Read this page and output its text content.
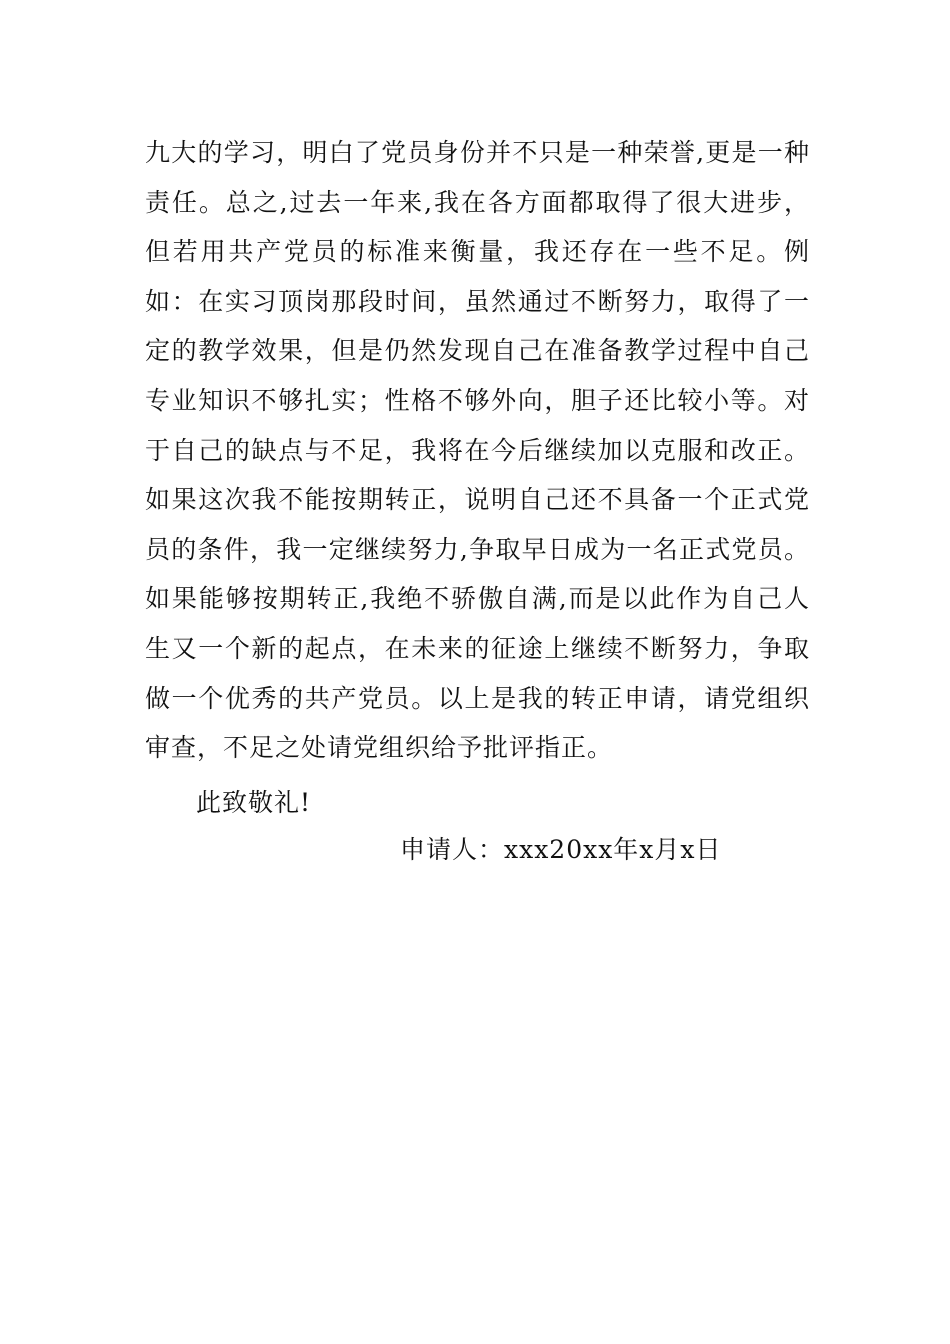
九大的学习，明白了党员身份并不只是一种荣誉,更是一种
责任。总之,过去一年来,我在各方面都取得了很大进步，
但若用共产党员的标准来衡量，我还存在一些不足。例
如：在实习顶岗那段时间，虽然通过不断努力，取得了一
定的教学效果，但是仍然发现自己在准备教学过程中自己
专业知识不够扎实；性格不够外向，胆子还比较小等。对
于自己的缺点与不足，我将在今后继续加以克服和改正。
如果这次我不能按期转正，说明自己还不具备一个正式党
员的条件，我一定继续努力,争取早日成为一名正式党员。
如果能够按期转正,我绝不骄傲自满,而是以此作为自己人
生又一个新的起点，在未来的征途上继续不断努力，争取
做一个优秀的共产党员。以上是我的转正申请，请党组织
审查，不足之处请党组织给予批评指正。
此致敬礼!
申请人：xxx20xx年x月x日
